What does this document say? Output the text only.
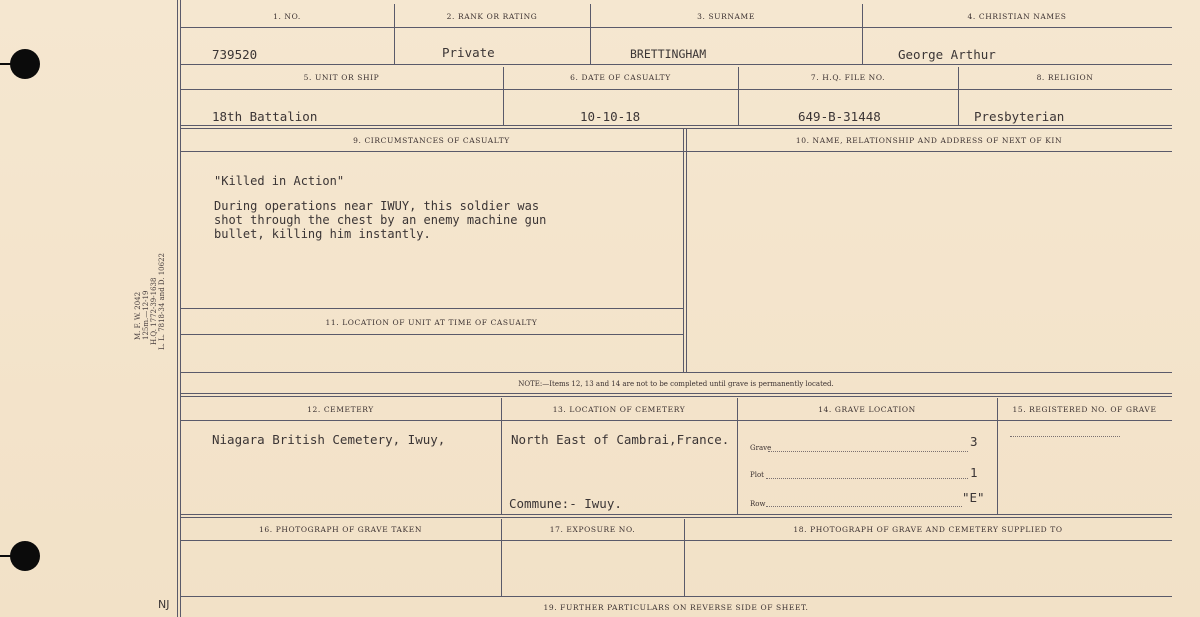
M. F. W. 2042 125m.—12-19 H.Q. 1772-39-1638 L. L. 7818-34 and D. 10622
1. NO.	2. RANK OR RATING	3. SURNAME	4. CHRISTIAN NAMES
739520	Private	BRETTINGHAM	George Arthur
5. UNIT OR SHIP	6. DATE OF CASUALTY	7. H.Q. FILE NO.	8. RELIGION
18th Battalion	10-10-18	649-B-31448	Presbyterian
9. CIRCUMSTANCES OF CASUALTY	10. NAME, RELATIONSHIP AND ADDRESS OF NEXT OF KIN
"Killed in Action"
During operations near IWUY, this soldier was
shot through the chest by an enemy machine gun
bullet, killing him instantly.
11. LOCATION OF UNIT AT TIME OF CASUALTY
NOTE:—Items 12, 13 and 14 are not to be completed until grave is permanently located.
12. CEMETERY	13. LOCATION OF CEMETERY	14. GRAVE LOCATION	15. REGISTERED NO. OF GRAVE
Niagara British Cemetery, Iwuy,	North East of Cambrai,France.
Commune:- Iwuy.
Grave	3
Plot	1
Row	"E"
16. PHOTOGRAPH OF GRAVE TAKEN	17. EXPOSURE NO.	18. PHOTOGRAPH OF GRAVE AND CEMETERY SUPPLIED TO
19. FURTHER PARTICULARS ON REVERSE SIDE OF SHEET.
NJ
